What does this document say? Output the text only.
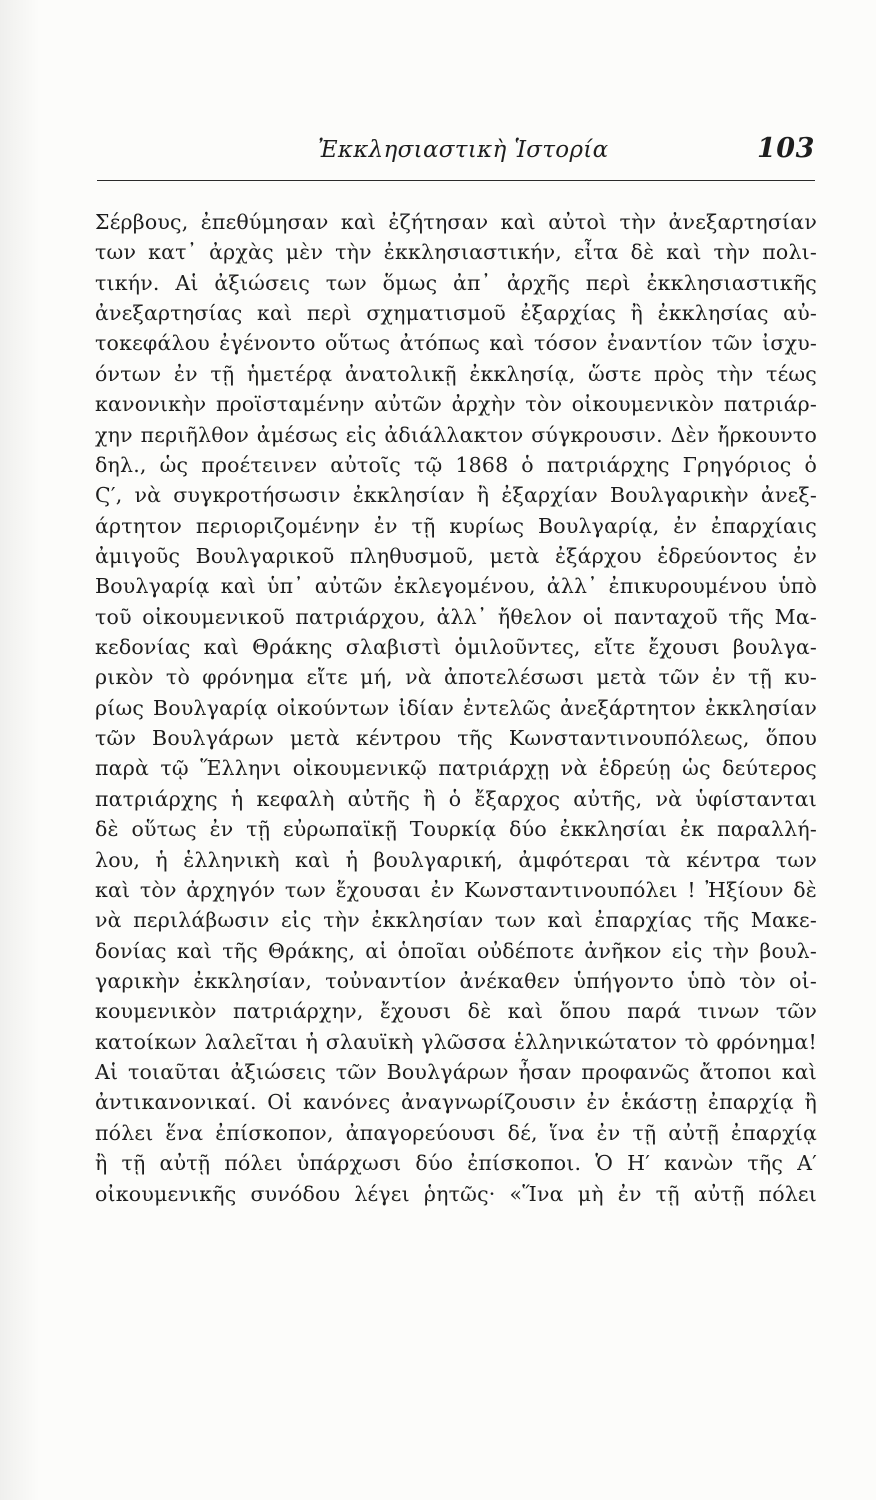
Ἐκκλησιαστικὴ Ἱστορία	103
Σέρβους, ἐπεθύμησαν καὶ ἐζήτησαν καὶ αὐτοὶ τὴν ἀνεξαρτησίαν
των κατ᾽ ἀρχὰς μὲν τὴν ἐκκλησιαστικήν, εἶτα δὲ καὶ τὴν πολι-
τικήν. Αἱ ἀξιώσεις των ὅμως ἀπ᾽ ἀρχῆς περὶ ἐκκλησιαστικῆς
ἀνεξαρτησίας καὶ περὶ σχηματισμοῦ ἐξαρχίας ἢ ἐκκλησίας αὐ-
τοκεφάλου ἐγένοντο οὕτως ἀτόπως καὶ τόσον ἐναντίον τῶν ἰσχυ-
όντων ἐν τῇ ἡμετέρᾳ ἀνατολικῇ ἐκκλησίᾳ, ὥστε πρὸς τὴν τέως
κανονικὴν προϊσταμένην αὐτῶν ἀρχὴν τὸν οἰκουμενικὸν πατριάρ-
χην περιῆλθον ἀμέσως εἰς ἀδιάλλακτον σύγκρουσιν. Δὲν ἤρκουντο
δηλ., ὡς προέτεινεν αὐτοῖς τῷ 1868 ὁ πατριάρχης Γρηγόριος ὁ
Ϛ′, νὰ συγκροτήσωσιν ἐκκλησίαν ἢ ἐξαρχίαν Βουλγαρικὴν ἀνεξ-
άρτητον περιοριζομένην ἐν τῇ κυρίως Βουλγαρίᾳ, ἐν ἐπαρχίαις
ἀμιγοῦς Βουλγαρικοῦ πληθυσμοῦ, μετὰ ἐξάρχου ἑδρεύοντος ἐν
Βουλγαρίᾳ καὶ ὑπ᾽ αὐτῶν ἐκλεγομένου, ἀλλ᾽ ἐπικυρουμένου ὑπὸ
τοῦ οἰκουμενικοῦ πατριάρχου, ἀλλ᾽ ἤθελον οἱ πανταχοῦ τῆς Μα-
κεδονίας καὶ Θράκης σλαβιστὶ ὁμιλοῦντες, εἴτε ἔχουσι βουλγα-
ρικὸν τὸ φρόνημα εἴτε μή, νὰ ἀποτελέσωσι μετὰ τῶν ἐν τῇ κυ-
ρίως Βουλγαρίᾳ οἰκούντων ἰδίαν ἐντελῶς ἀνεξάρτητον ἐκκλησίαν
τῶν Βουλγάρων μετὰ κέντρου τῆς Κωνσταντινουπόλεως, ὅπου
παρὰ τῷ Ἕλληνι οἰκουμενικῷ πατριάρχῃ νὰ ἑδρεύῃ ὡς δεύτερος
πατριάρχης ἡ κεφαλὴ αὐτῆς ἢ ὁ ἔξαρχος αὐτῆς, νὰ ὑφίστανται
δὲ οὕτως ἐν τῇ εὐρωπαϊκῇ Τουρκίᾳ δύο ἐκκλησίαι ἐκ παραλλή-
λου, ἡ ἑλληνικὴ καὶ ἡ βουλγαρική, ἀμφότεραι τὰ κέντρα των
καὶ τὸν ἀρχηγόν των ἔχουσαι ἐν Κωνσταντινουπόλει ! Ἠξίουν δὲ
νὰ περιλάβωσιν εἰς τὴν ἐκκλησίαν των καὶ ἐπαρχίας τῆς Μακε-
δονίας καὶ τῆς Θράκης, αἱ ὁποῖαι οὐδέποτε ἀνῆκον εἰς τὴν βουλ-
γαρικὴν ἐκκλησίαν, τοὐναντίον ἀνέκαθεν ὑπήγοντο ὑπὸ τὸν οἰ-
κουμενικὸν πατριάρχην, ἔχουσι δὲ καὶ ὅπου παρά τινων τῶν
κατοίκων λαλεῖται ἡ σλαυϊκὴ γλῶσσα ἑλληνικώτατον τὸ φρόνημα!
Αἱ τοιαῦται ἀξιώσεις τῶν Βουλγάρων ἦσαν προφανῶς ἄτοποι καὶ
ἀντικανονικαί. Οἱ κανόνες ἀναγνωρίζουσιν ἐν ἑκάστῃ ἐπαρχίᾳ ἢ
πόλει ἕνα ἐπίσκοπον, ἀπαγορεύουσι δέ, ἵνα ἐν τῇ αὐτῇ ἐπαρχίᾳ
ἢ τῇ αὐτῇ πόλει ὑπάρχωσι δύο ἐπίσκοποι. Ὁ Η′ κανὼν τῆς Α′
οἰκουμενικῆς συνόδου λέγει ῥητῶς· «Ἵνα μὴ ἐν τῇ αὐτῇ πόλει
